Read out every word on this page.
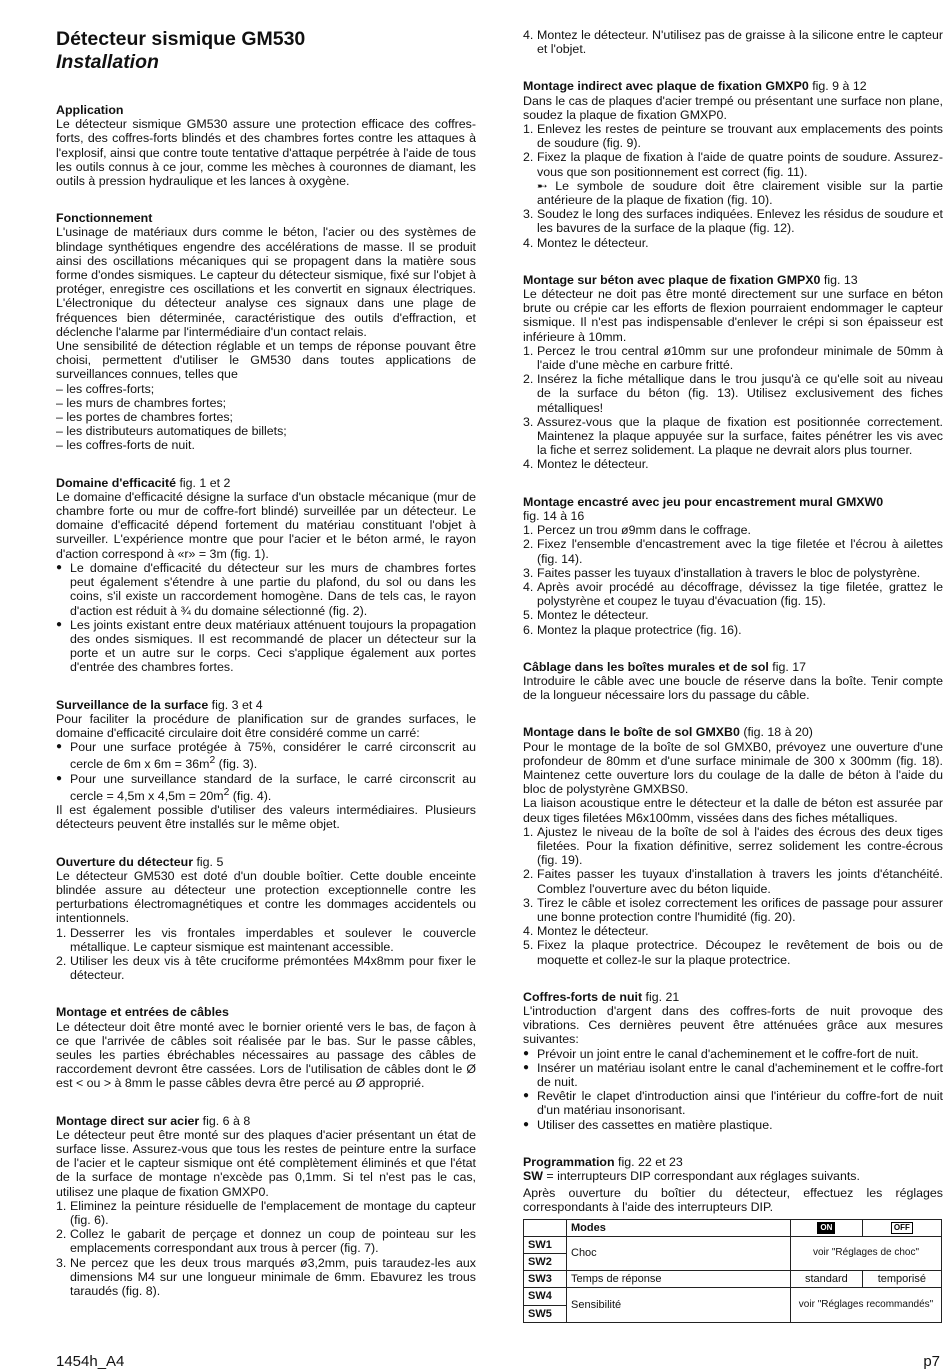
Détecteur sismique GM530
Installation
Application

Le détecteur sismique GM530 assure une protection efficace des coffres-forts, des coffres-forts blindés et des chambres fortes contre les attaques à l'explosif, ainsi que contre toute tentative d'attaque perpétrée à l'aide de tous les outils connus à ce jour, comme les mèches à couronnes de diamant, les outils à pression hydraulique et les lances à oxygène.

Fonctionnement

L'usinage de matériaux durs comme le béton, l'acier ou des systèmes de blindage synthétiques engendre des accélérations de masse. Il se produit ainsi des oscillations mécaniques qui se propagent dans la matière sous forme d'ondes sismiques. Le capteur du détecteur sismique, fixé sur l'objet à protéger, enregistre ces oscillations et les convertit en signaux électriques. L'électronique du détecteur analyse ces signaux dans une plage de fréquences bien déterminée, caractéristique des outils d'effraction, et déclenche l'alarme par l'intermédiaire d'un contact relais.

Une sensibilité de détection réglable et un temps de réponse pouvant être choisi, permettent d'utiliser le GM530 dans toutes applications de surveillances connues, telles que

– les coffres-forts;
– les murs de chambres fortes;
– les portes de chambres fortes;
– les distributeurs automatiques de billets;
– les coffres-forts de nuit.
Domaine d'efficacité fig. 1 et 2

Le domaine d'efficacité désigne la surface d'un obstacle mécanique (mur de chambre forte ou mur de coffre-fort blindé) surveillée par un détecteur. Le domaine d'efficacité dépend fortement du matériau constituant l'objet à surveiller. L'expérience montre que pour l'acier et le béton armé, le rayon d'action correspond à «r» = 3m (fig. 1).

● Le domaine d'efficacité du détecteur sur les murs de chambres fortes peut également s'étendre à une partie du plafond, du sol ou dans les coins, s'il existe un raccordement homogène. Dans de tels cas, le rayon d'action est réduit à ¾ du domaine sélectionné (fig. 2).
● Les joints existant entre deux matériaux atténuent toujours la propagation des ondes sismiques. Il est recommandé de placer un détecteur sur la porte et un autre sur le corps. Ceci s'applique également aux portes d'entrée des chambres fortes.
Surveillance de la surface fig. 3 et 4

Pour faciliter la procédure de planification sur de grandes surfaces, le domaine d'efficacité circulaire doit être considéré comme un carré:

● Pour une surface protégée à 75%, considérer le carré circonscrit au cercle de 6m x $6m = 36m^2$ (fig. 3).
● Pour une surveillance standard de la surface, le carré circonscrit au cercle = 4,5m x $4,5m = 20m^2$ (fig. 4).

Il est également possible d'utiliser des valeurs intermédiaires. Plusieurs détecteurs peuvent être installés sur le même objet.

Ouverture du détecteur fig. 5

Le détecteur GM530 est doté d'un double boîtier. Cette double enceinte blindée assure au détecteur une protection exceptionnelle contre les perturbations électromagnétiques et contre les dommages accidentels ou intentionnels.

1. Desserrer les vis frontales imperdables et soulever le couvercle métallique. Le capteur sismique est maintenant accessible.
2. Utiliser les deux vis à tête cruciforme prémontées M4x8mm pour fixer le détecteur.
Montage et entrées de câbles

Le détecteur doit être monté avec le bornier orienté vers le bas, de façon à ce que l'arrivée de câbles soit réalisée par le bas. Sur le passe câbles, seules les parties ébréchables nécessaires au passage des câbles de raccordement devront être cassées. Lors de l'utilisation de câbles dont le Ø est < ou > à 8mm le passe câbles devra être percé au Ø approprié.

Montage direct sur acier fig. 6 à 8

Le détecteur peut être monté sur des plaques d'acier présentant un état de surface lisse. Assurez-vous que tous les restes de peinture entre la surface de l'acier et le capteur sismique ont été complètement éliminés et que l'état de la surface de montage n'excède pas 0,1mm. Si tel n'est pas le cas, utilisez une plaque de fixation GMXP0.

1. Eliminez la peinture résiduelle de l'emplacement de montage du capteur (fig. 6).
2. Collez le gabarit de perçage et donnez un coup de pointeau sur les emplacements correspondant aux trous à percer (fig. 7).
3. Ne percez que les deux trous marqués ø3,2mm, puis taraudez-les aux dimensions M4 sur une longueur minimale de 6mm. Ebavurez les trous taraudés (fig. 8).
4. Montez le détecteur. N'utilisez pas de graisse à la silicone entre le capteur et l'objet.
Montage indirect avec plaque de fixation GMXP0 fig. 9 à 12

Dans le cas de plaques d'acier trempé ou présentant une surface non plane, soudez la plaque de fixation GMXP0.

1. Enlevez les restes de peinture se trouvant aux emplacements des points de soudure (fig. 9).
2. Fixez la plaque de fixation à l'aide de quatre points de soudure. Assurez-vous que son positionnement est correct (fig. 11).
➸ Le symbole de soudure doit être clairement visible sur la partie antérieure de la plaque de fixation (fig. 10).
3. Soudez le long des surfaces indiquées. Enlevez les résidus de soudure et les bavures de la surface de la plaque (fig. 12).
4. Montez le détecteur.
Montage sur béton avec plaque de fixation GMPX0 fig. 13

Le détecteur ne doit pas être monté directement sur une surface en béton brute ou crépie car les efforts de flexion pourraient endommager le capteur sismique. Il n'est pas indispensable d'enlever le crépi si son épaisseur est inférieure à 10mm.

1. Percez le trou central ø10mm sur une profondeur minimale de 50mm à l'aide d'une mèche en carbure fritté.
2. Insérez la fiche métallique dans le trou jusqu'à ce qu'elle soit au niveau de la surface du béton (fig. 13). Utilisez exclusivement des fiches métalliques!
3. Assurez-vous que la plaque de fixation est positionnée correctement. Maintenez la plaque appuyée sur la surface, faites pénétrer les vis avec la fiche et serrez solidement. La plaque ne devrait alors plus tourner.
4. Montez le détecteur.
Montage encastré avec jeu pour encastrement mural GMXW0
fig. 14 à 16
1. Percez un trou ø9mm dans le coffrage.
2. Fixez l'ensemble d'encastrement avec la tige filetée et l'écrou à ailettes (fig. 14).
3. Faites passer les tuyaux d'installation à travers le bloc de polystyrène.
4. Après avoir procédé au décoffrage, dévissez la tige filetée, grattez le polystyrène et coupez le tuyau d'évacuation (fig. 15).
5. Montez le détecteur.
6. Montez la plaque protectrice (fig. 16).
Câblage dans les boîtes murales et de sol fig. 17

Introduire le câble avec une boucle de réserve dans la boîte. Tenir compte de la longueur nécessaire lors du passage du câble.

Montage dans le boîte de sol GMXB0 (fig. 18 à 20)

Pour le montage de la boîte de sol GMXB0, prévoyez une ouverture d'une profondeur de 80mm et d'une surface minimale de 300 x 300mm (fig. 18). Maintenez cette ouverture lors du coulage de la dalle de béton à l'aide du bloc de polystyrène GMXBS0.

La liaison acoustique entre le détecteur et la dalle de béton est assurée par deux tiges filetées M6x100mm, vissées dans des fiches métalliques.

1. Ajustez le niveau de la boîte de sol à l'aides des écrous des deux tiges filetées. Pour la fixation définitive, serrez solidement les contre-écrous (fig. 19).
2. Faites passer les tuyaux d'installation à travers les joints d'étanchéité. Comblez l'ouverture avec du béton liquide.
3. Tirez le câble et isolez correctement les orifices de passage pour assurer une bonne protection contre l'humidité (fig. 20).
4. Montez le détecteur.
5. Fixez la plaque protectrice. Découpez le revêtement de bois ou de moquette et collez-le sur la plaque protectrice.
Coffres-forts de nuit fig. 21

L'introduction d'argent dans des coffres-forts de nuit provoque des vibrations. Ces dernières peuvent être atténuées grâce aux mesures suivantes:

● Prévoir un joint entre le canal d'acheminement et le coffre-fort de nuit.
● Insérer un matériau isolant entre le canal d'acheminement et le coffre-fort de nuit.
● Revêtir le clapet d'introduction ainsi que l'intérieur du coffre-fort de nuit d'un matériau insonorisant.
● Utiliser des cassettes en matière plastique.
Programmation fig. 22 et 23

SW = interrupteurs DIP correspondant aux réglages suivants.

Après ouverture du boîtier du détecteur, effectuez les réglages correspondants à l'aide des interrupteurs DIP.

	Modes	ON	OFF
SW1	Choc	voir "Réglages de choc"	
SW2			
SW3	Temps de réponse	standard	temporisé
SW4	Sensibilité	voir "Réglages recommandés"	
SW5			
1454h_A4	p7
